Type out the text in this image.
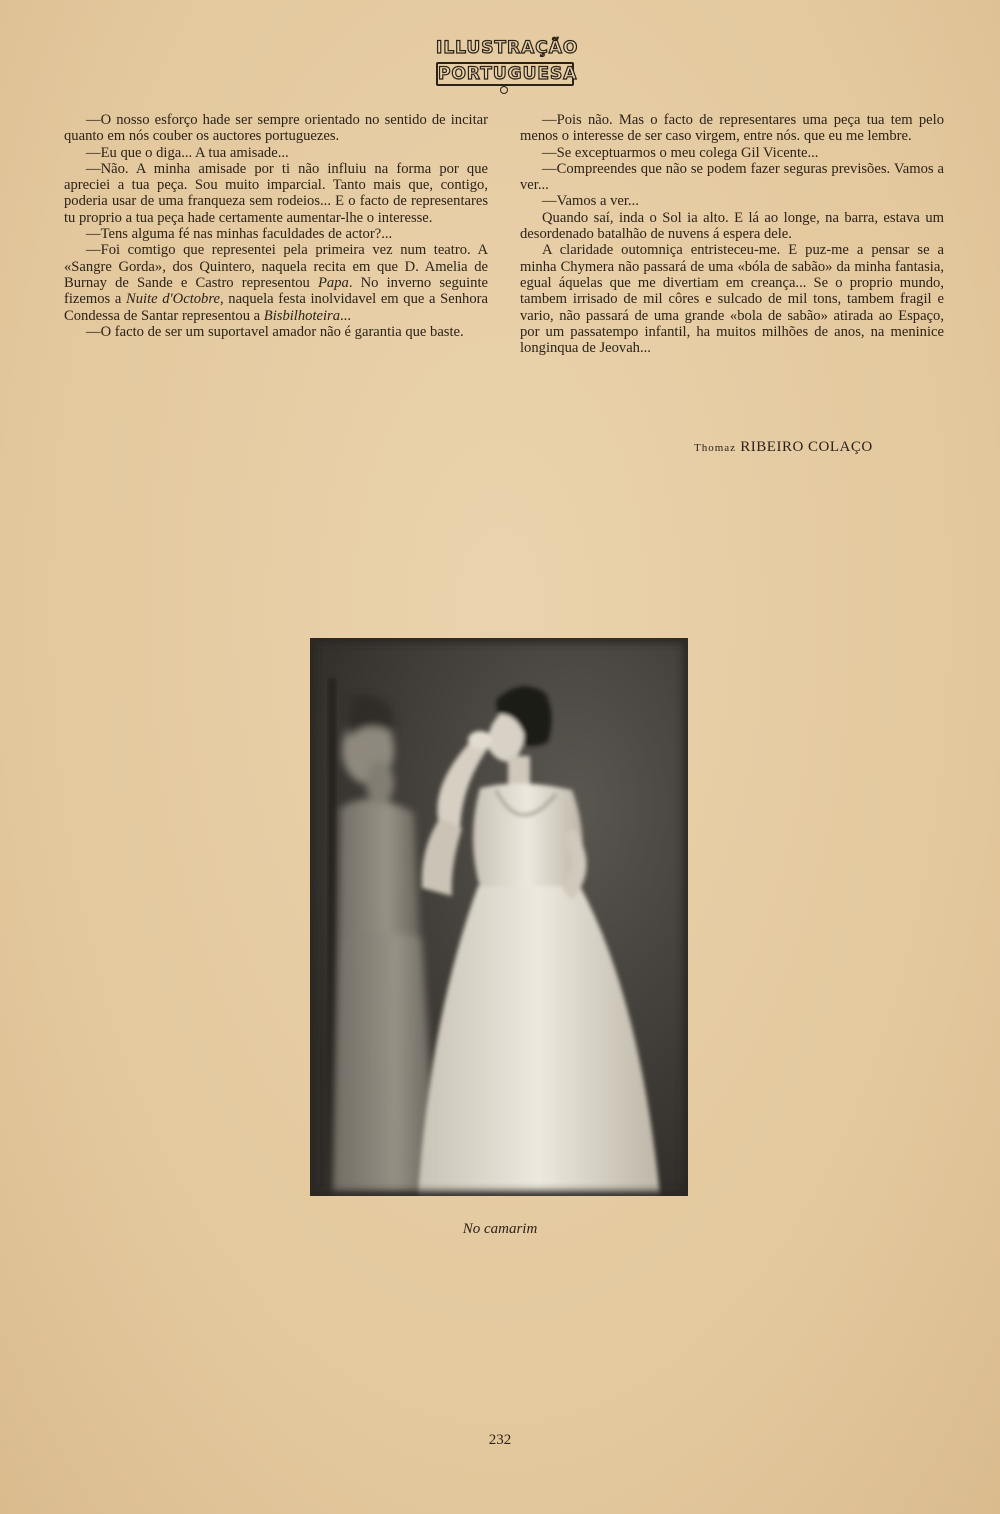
ILLUSTRAÇÃO
PORTUGUESA

—O nosso esforço hade ser sempre orientado no sentido de incitar quanto em nós couber os auctores portuguezes.

—Eu que o diga... A tua amisade...

—Não. A minha amisade por ti não influiu na forma por que apreciei a tua peça. Sou muito imparcial. Tanto mais que, contigo, poderia usar de uma franqueza sem rodeios... E o facto de representares tu proprio a tua peça hade certamente aumentar-lhe o interesse.

—Tens alguma fé nas minhas faculdades de actor?...

—Foi comtigo que representei pela primeira vez num teatro. A «Sangre Gorda», dos Quintero, naquela recita em que D. Amelia de Burnay de Sande e Castro representou Papa. No inverno seguinte fizemos a Nuite d'Octobre, naquela festa inolvidavel em que a Senhora Condessa de Santar representou a Bisbilhoteira...

—O facto de ser um suportavel amador não é garantia que baste.

—Pois não. Mas o facto de representares uma peça tua tem pelo menos o interesse de ser caso virgem, entre nós. que eu me lembre.

—Se exceptuarmos o meu colega Gil Vicente...

—Compreendes que não se podem fazer seguras previsões. Vamos a ver...

—Vamos a ver...

Quando saí, inda o Sol ia alto. E lá ao longe, na barra, estava um desordenado batalhão de nuvens á espera dele.

A claridade outomniça entristeceu-me. E puz-me a pensar se a minha Chymera não passará de uma «bóla de sabão» da minha fantasia, egual áquelas que me divertiam em creança... Se o proprio mundo, tambem irrisado de mil côres e sulcado de mil tons, tambem fragil e vario, não passará de uma grande «bola de sabão» atirada ao Espaço, por um passatempo infantil, ha muitos milhões de anos, na meninice longinqua de Jeovah...

Thomaz RIBEIRO COLAÇO
No camarim
232
